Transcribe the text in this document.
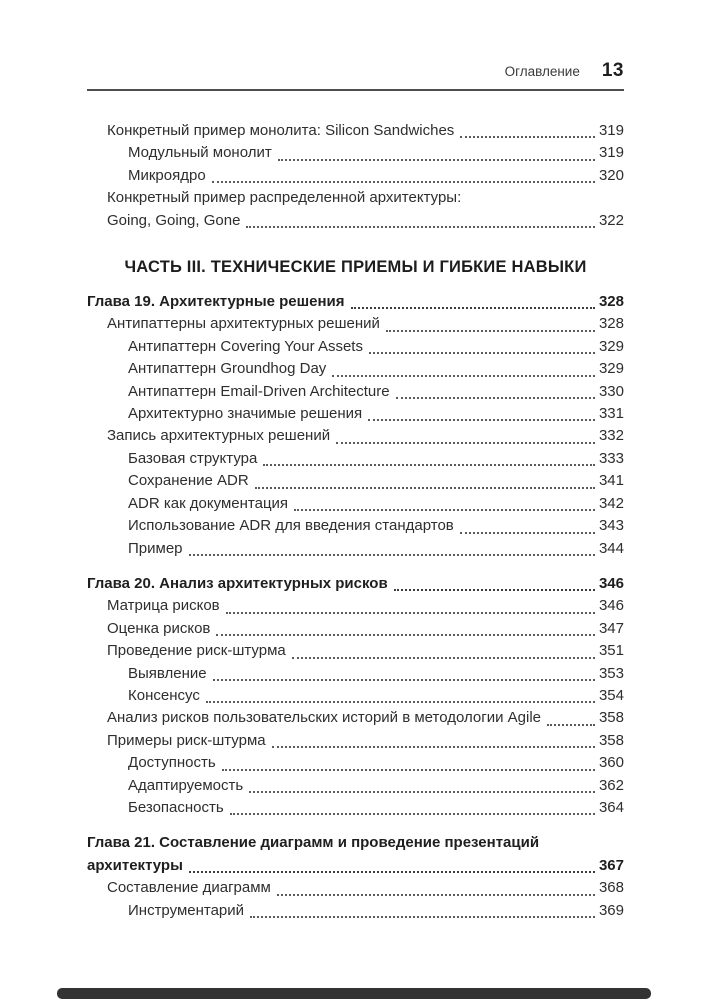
Оглавление 13
Конкретный пример монолита: Silicon Sandwiches	319
Модульный монолит	319
Микроядро	320
Конкретный пример распределенной архитектуры:
Going, Going, Gone	322
ЧАСТЬ III. ТЕХНИЧЕСКИЕ ПРИЕМЫ И ГИБКИЕ НАВЫКИ
Глава 19. Архитектурные решения	328
Антипаттерны архитектурных решений	328
Антипаттерн Covering Your Assets	329
Антипаттерн Groundhog Day	329
Антипаттерн Email-Driven Architecture	330
Архитектурно значимые решения	331
Запись архитектурных решений	332
Базовая структура	333
Сохранение ADR	341
ADR как документация	342
Использование ADR для введения стандартов	343
Пример	344
Глава 20. Анализ архитектурных рисков	346
Матрица рисков	346
Оценка рисков	347
Проведение риск-штурма	351
Выявление	353
Консенсус	354
Анализ рисков пользовательских историй в методологии Agile	358
Примеры риск-штурма	358
Доступность	360
Адаптируемость	362
Безопасность	364
Глава 21. Составление диаграмм и проведение презентаций
архитектуры	367
Составление диаграмм	368
Инструментарий	369
